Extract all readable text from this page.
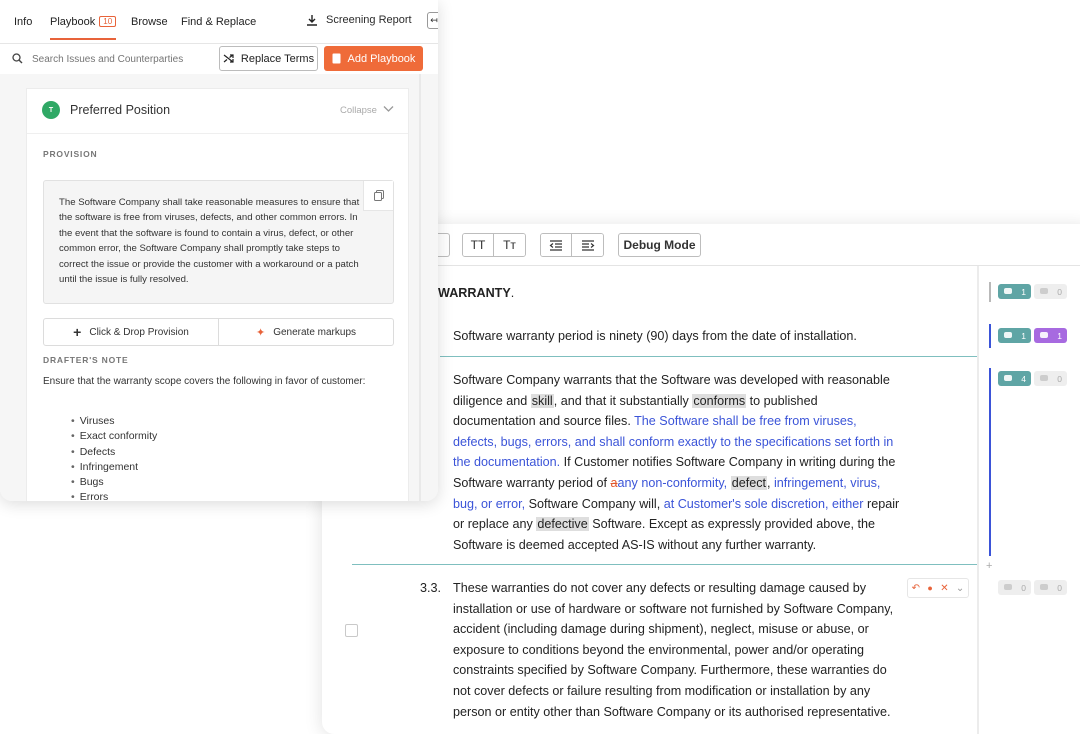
TT	Tᴛ	Debug Mode
WARRANTY.
Software warranty period is ninety (90) days from the date of installation.
Software Company warrants that the Software was developed with reasonable diligence and skill, and that it substantially conforms to published documentation and source files. The Software shall be free from viruses, defects, bugs, errors, and shall conform exactly to the specifications set forth in the documentation. If Customer notifies Software Company in writing during the Software warranty period of aany non-conformity, defect, infringement, virus, bug, or error, Software Company will, at Customer's sole discretion, either repair or replace any defective Software. Except as expressly provided above, the Software is deemed accepted AS-IS without any further warranty.
3.3. These warranties do not cover any defects or resulting damage caused by installation or use of hardware or software not furnished by Software Company, accident (including damage during shipment), neglect, misuse or abuse, or exposure to conditions beyond the environmental, power and/or operating constraints specified by Software Company. Furthermore, these warranties do not cover defects or failure resulting from modification or installation by any person or entity other than Software Company or its authorised representative.
↶ ● ✕ ⌄
+
1	0
1	1
4	0
0	0
Info Playbook 10	Browse Find & Replace	Screening Report	↤
Search Issues and Counterparties
Replace Terms	Add Playbook
T	Preferred Position	Collapse
PROVISION
The Software Company shall take reasonable measures to ensure that the software is free from viruses, defects, and other common errors. In the event that the software is found to contain a virus, defect, or other common error, the Software Company shall promptly take steps to correct the issue or provide the customer with a workaround or a patch until the issue is fully resolved.
+ Click & Drop Provision	✦ Generate markups
DRAFTER'S NOTE
Ensure that the warranty scope covers the following in favor of customer:
• Viruses
• Exact conformity
• Defects
• Infringement
• Bugs
• Errors
